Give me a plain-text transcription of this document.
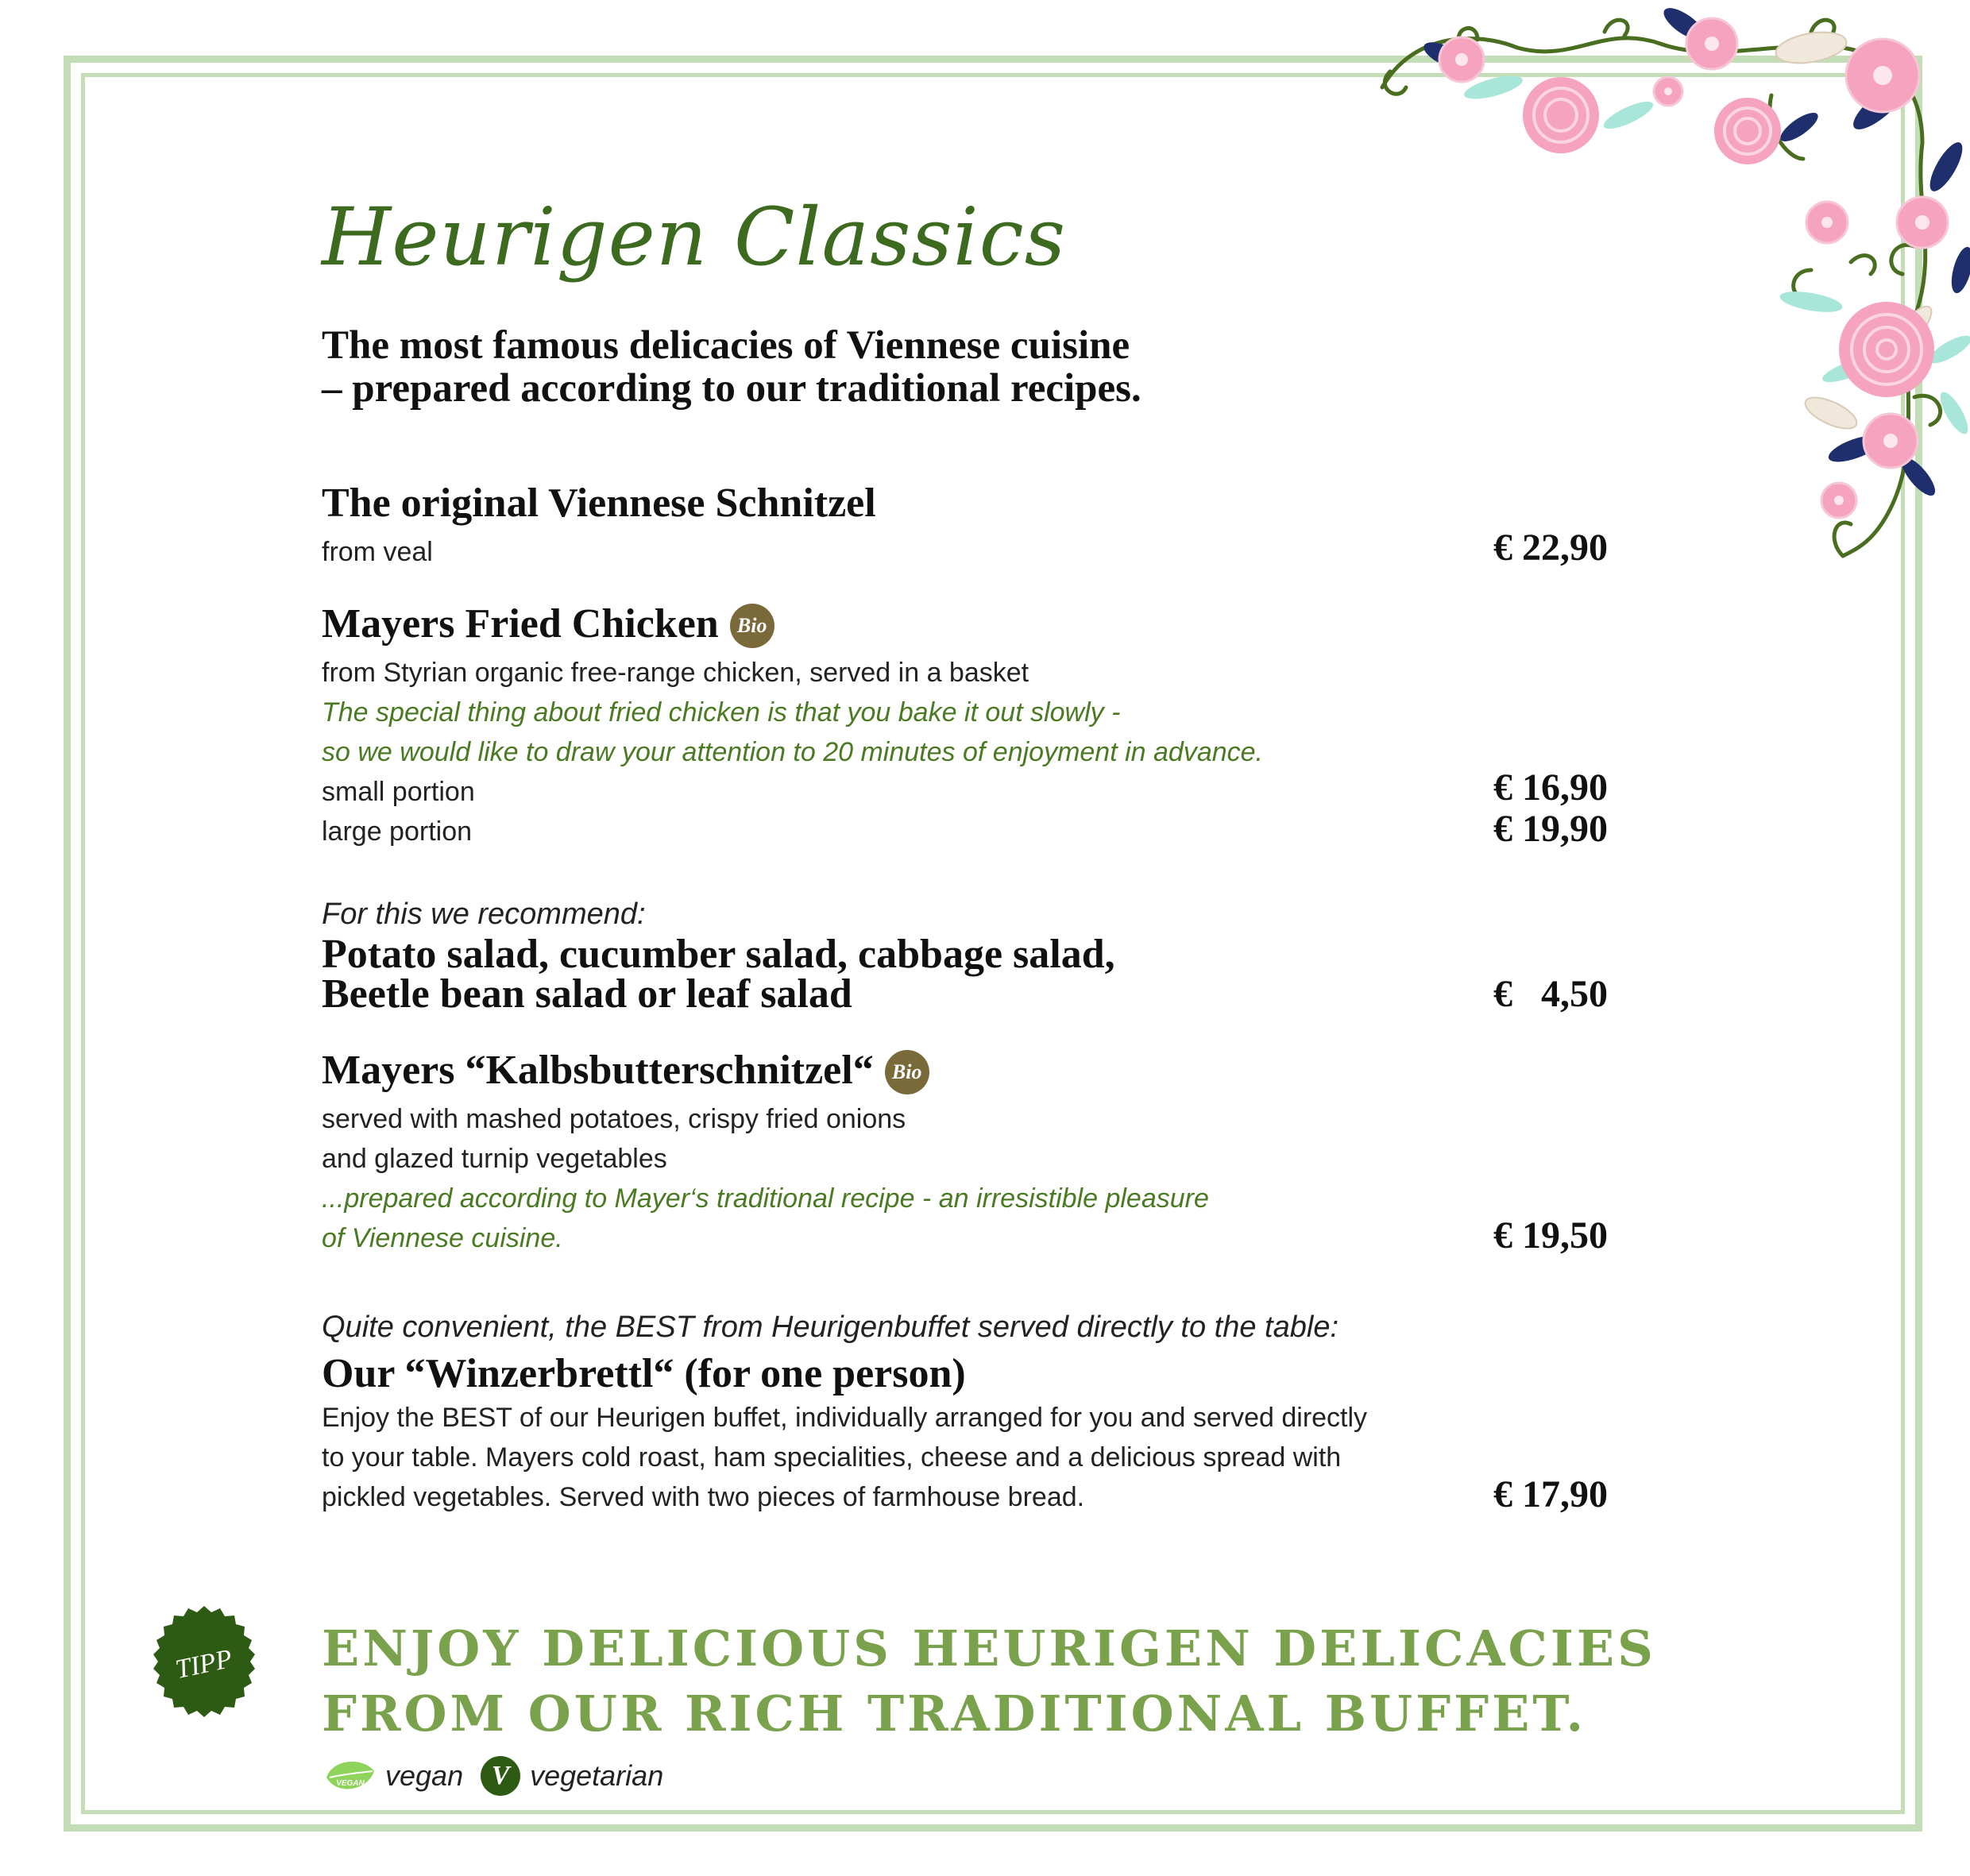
Heurigen Classics
The most famous delicacies of Viennese cuisine
– prepared according to our traditional recipes.
The original Viennese Schnitzel
from veal	€ 22,90
Mayers Fried Chicken Bio
from Styrian organic free-range chicken, served in a basket
The special thing about fried chicken is that you bake it out slowly -
so we would like to draw your attention to 20 minutes of enjoyment in advance.
small portion	€ 16,90
large portion	€ 19,90
For this we recommend:
Potato salad, cucumber salad, cabbage salad,
Beetle bean salad or leaf salad	€   4,50
Mayers “Kalbsbutterschnitzel“ Bio
served with mashed potatoes, crispy fried onions
and glazed turnip vegetables
...prepared according to Mayer‘s traditional recipe - an irresistible pleasure
of Viennese cuisine.	€ 19,50
Quite convenient, the BEST from Heurigenbuffet served directly to the table:
Our “Winzerbrettl“ (for one person)
Enjoy the BEST of our Heurigen buffet, individually arranged for you and served directly
to your table. Mayers cold roast, ham specialities, cheese and a delicious spread with
pickled vegetables. Served with two pieces of farmhouse bread.	€ 17,90
TIPP ENJOY DELICIOUS HEURIGEN DELICACIES
FROM OUR RICH TRADITIONAL BUFFET.
VEGAN vegan	V vegetarian
